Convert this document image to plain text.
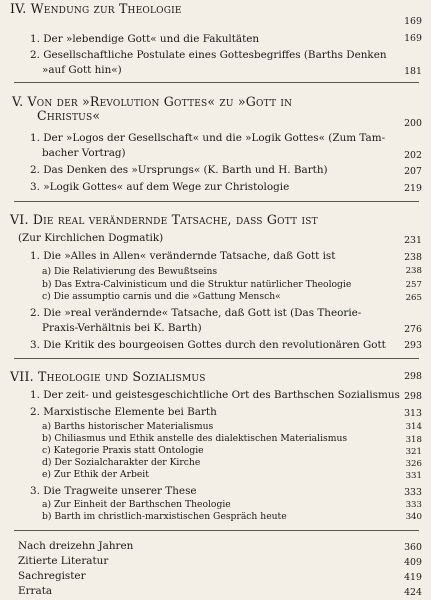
IV. Wendung zur Theologie
169
1. Der »lebendige Gott« und die Fakultäten	169
2. Gesellschaftliche Postulate eines Gottesbegriffes (Barths Denken
»auf Gott hin«)	181
V. Von der »Revolution Gottes« zu »Gott in
Christus«
200
1. Der »Logos der Gesellschaft« und die »Logik Gottes« (Zum Tam-
bacher Vortrag)	202
2. Das Denken des »Ursprungs« (K. Barth und H. Barth)	207
3. »Logik Gottes« auf dem Wege zur Christologie	219
VI. Die real verändernde Tatsache, dass Gott ist
(Zur Kirchlichen Dogmatik)	231
1. Die »Alles in Allen« verändernde Tatsache, daß Gott ist	238
a) Die Relativierung des Bewußtseins	238
b) Das Extra-Calvinisticum und die Struktur natürlicher Theologie	257
c) Die assumptio carnis und die »Gattung Mensch«	265
2. Die »real verändernde« Tatsache, daß Gott ist (Das Theorie-
Praxis-Verhältnis bei K. Barth)	276
3. Die Kritik des bourgeoisen Gottes durch den revolutionären Gott 293
VII. Theologie und Sozialismus	298
1. Der zeit- und geistesgeschichtliche Ort des Barthschen Sozialismus 298
2. Marxistische Elemente bei Barth	313
a) Barths historischer Materialismus	314
b) Chiliasmus und Ethik anstelle des dialektischen Materialismus	318
c) Kategorie Praxis statt Ontologie	321
d) Der Sozialcharakter der Kirche	326
e) Zur Ethik der Arbeit	331
3. Die Tragweite unserer These	333
a) Zur Einheit der Barthschen Theologie	333
b) Barth im christlich-marxistischen Gespräch heute	340
Nach dreizehn Jahren	360
Zitierte Literatur	409
Sachregister	419
Errata	424
